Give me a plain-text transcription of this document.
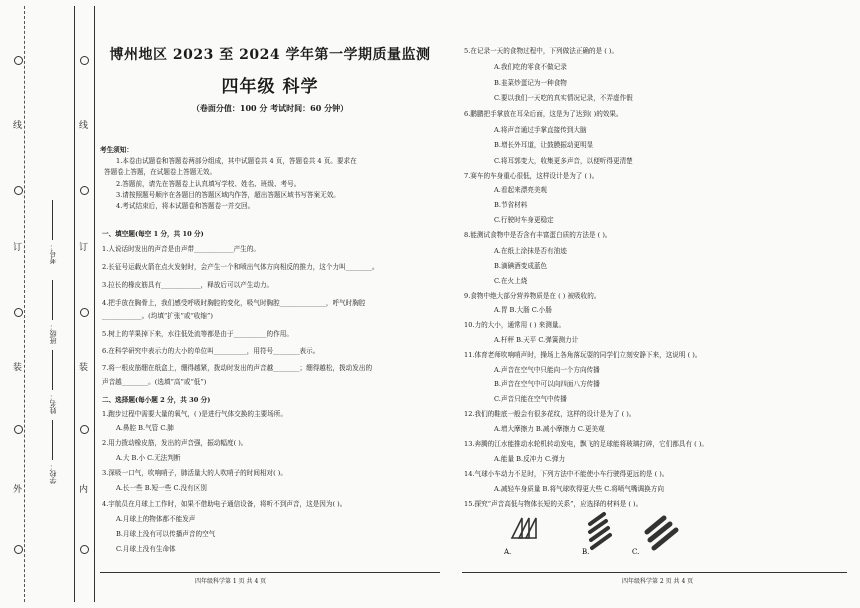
线
订
装
外
线
订
装
内
考号：
班级：
姓名：
学校：
博州地区 2023 至 2024 学年第一学期质量监测
四年级 科学
（卷面分值：100 分 考试时间：60 分钟）
考生须知：
1.本卷由试题卷和答题卷两部分组成，其中试题卷共 4 页，答题卷共 4 页。要求在
答题卷上答题，在试题卷上答题无效。
2.答题前，请先在答题卷上认真填写学校、姓名、班级、考号。
3.请按照题号顺序在各题目的答题区域内作答，超出答题区域书写答案无效。
4.考试结束后，将本试题卷和答题卷一并交回。
一、填空题(每空 1 分，共 10 分)
1.人说话时发出的声音是由声带____________产生的。
2.长征号运载火箭在点火发射时，会产生一个和喷出气体方向相反的推力，这个力叫________。
3.拉长的橡皮筋具有____________，释放后可以产生动力。
4.把手放在胸骨上，我们感受呼吸时胸腔的变化，吸气时胸腔______________，呼气时胸腔
____________。(均填“扩张”或“收缩”)
5.树上的苹果掉下来，水往低处流等都是由于__________的作用。
6.在科学研究中表示力的大小的单位叫__________，用符号________表示。
7.将一根皮筋绷在纸盒上，绷得越紧，拨动时发出的声音越________；绷得越松，拨动发出的
声音越________。(选填“高”或“低”)
二、选择题(每小题 2 分，共 30 分)
1.跑步过程中需要大量的氧气，( )是进行气体交换的主要场所。
A.鼻腔 B.气管 C.肺
2.用力拨动橡皮筋，发出的声音强，振动幅度( )。
A.大 B.小 C.无法判断
3.深吸一口气，吹响哨子，肺活量大的人吹哨子的时间相对( )。
A.长一些 B.短一些 C.没有区别
4.宇航员在月球上工作时，如果不借助电子通信设备，将听不到声音，这是因为( )。
A.月球上的物体都不能发声
B.月球上没有可以传播声音的空气
C.月球上没有生命体
四年级科学第 1 页 共 4 页
5.在记录一天的食物过程中，下列做法正确的是 ( )。
A.我们吃的零食不做记录
B.韭菜炒蛋记为一种食物
C.要以我们一天吃的真实情况记录，不弄虚作假
6.鹏鹏把手掌放在耳朵后面，这是为了达到( )的效果。
A.将声音通过手掌直接传到大脑
B.增长外耳道，让鼓膜振动更明显
C.将耳郭变大，收集更多声音，以便听得更清楚
7.赛车的车身重心很低，这样设计是为了 ( )。
A.看起来漂亮美观
B.节省材料
C.行驶时车身更稳定
8.能测试食物中是否含有丰富蛋白质的方法是 ( )。
A.在纸上涂抹是否有油迹
B.滴碘酒变成蓝色
C.在火上烧
9.食物中绝大部分营养物质是在 ( ) 被吸收的。
A.胃 B.大肠 C.小肠
10.力的大小，通常用 ( ) 来测量。
A.杆秤 B.天平 C.弹簧测力计
11.体育老师吹响哨声时，操场上各角落玩耍的同学们立刻安静下来，这说明 ( )。
A.声音在空气中只能向一个方向传播
B.声音在空气中可以向四面八方传播
C.声音只能在空气中传播
12.我们的鞋底一般会有很多花纹，这样的设计是为了 ( )。
A.增大摩擦力 B.减小摩擦力 C.更美观
13.奔腾的江水能推动水轮机转动发电，飘飞的足球能将玻璃打碎，它们都具有 ( )。
A.能量 B.反冲力 C.弹力
14.气球小车动力不足时，下列方法中不能使小车行驶得更远的是 ( )。
A.减轻车身质量 B.将气球吹得更大些 C.将喷气嘴调换方向
15.探究“声音高低与物体长短的关系”，应选择的材料是 ( )。
A.	B.	C.
四年级科学第 2 页 共 4 页
